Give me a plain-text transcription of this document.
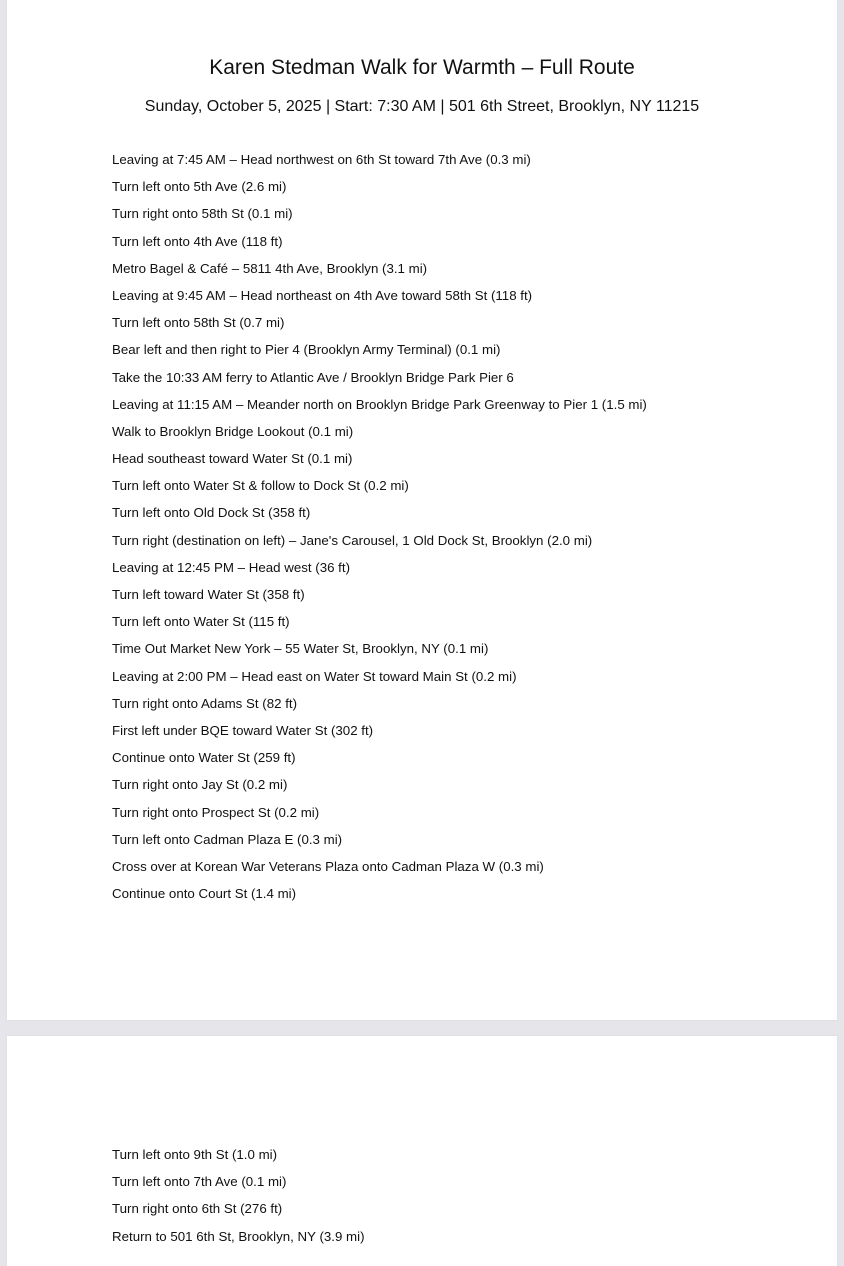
Karen Stedman Walk for Warmth – Full Route

Sunday, October 5, 2025 | Start: 7:30 AM | 501 6th Street, Brooklyn, NY 11215

Leaving at 7:45 AM – Head northwest on 6th St toward 7th Ave (0.3 mi)
Turn left onto 5th Ave (2.6 mi)
Turn right onto 58th St (0.1 mi)
Turn left onto 4th Ave (118 ft)
Metro Bagel & Café – 5811 4th Ave, Brooklyn (3.1 mi)
Leaving at 9:45 AM – Head northeast on 4th Ave toward 58th St (118 ft)
Turn left onto 58th St (0.7 mi)
Bear left and then right to Pier 4 (Brooklyn Army Terminal) (0.1 mi)
Take the 10:33 AM ferry to Atlantic Ave / Brooklyn Bridge Park Pier 6
Leaving at 11:15 AM – Meander north on Brooklyn Bridge Park Greenway to Pier 1 (1.5 mi)
Walk to Brooklyn Bridge Lookout (0.1 mi)
Head southeast toward Water St (0.1 mi)
Turn left onto Water St & follow to Dock St (0.2 mi)
Turn left onto Old Dock St (358 ft)
Turn right (destination on left) – Jane's Carousel, 1 Old Dock St, Brooklyn (2.0 mi)
Leaving at 12:45 PM – Head west (36 ft)
Turn left toward Water St (358 ft)
Turn left onto Water St (115 ft)
Time Out Market New York – 55 Water St, Brooklyn, NY (0.1 mi)
Leaving at 2:00 PM – Head east on Water St toward Main St (0.2 mi)
Turn right onto Adams St (82 ft)
First left under BQE toward Water St (302 ft)
Continue onto Water St (259 ft)
Turn right onto Jay St (0.2 mi)
Turn right onto Prospect St (0.2 mi)
Turn left onto Cadman Plaza E (0.3 mi)
Cross over at Korean War Veterans Plaza onto Cadman Plaza W (0.3 mi)
Continue onto Court St (1.4 mi)
Turn left onto 9th St (1.0 mi)
Turn left onto 7th Ave (0.1 mi)
Turn right onto 6th St (276 ft)
Return to 501 6th St, Brooklyn, NY (3.9 mi)
